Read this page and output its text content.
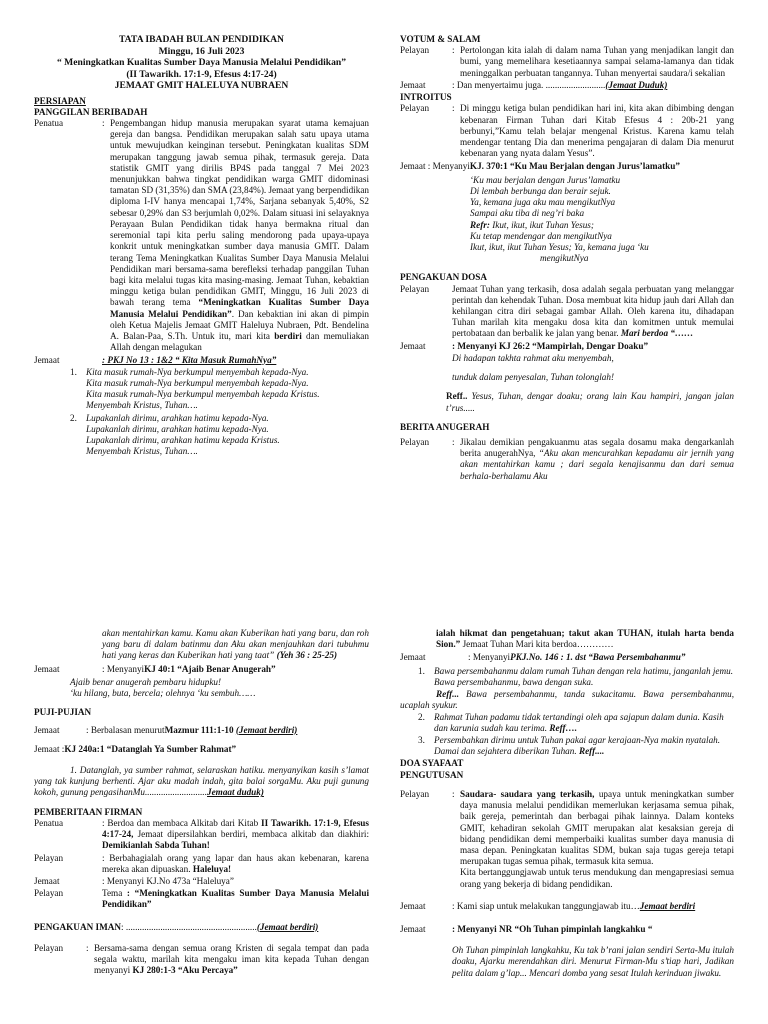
TATA IBADAH BULAN PENDIDIKAN
Minggu, 16 Juli 2023
“ Meningkatkan Kualitas Sumber Daya Manusia Melalui Pendidikan”
(II Tawarikh. 17:1-9, Efesus 4:17-24)
JEMAAT GMIT HALELUYA NUBRAEN
PERSIAPAN
PANGGILAN BERIBADAH
Penatua	: Pengembangan hidup manusia merupakan syarat utama kemajuan gereja dan bangsa. Pendidikan merupakan salah satu upaya utama untuk mewujudkan keinginan tersebut. Peningkatan kualitas SDM merupakan tanggung jawab semua pihak, termasuk gereja. Data statistik GMIT yang dirilis BP4S pada tanggal 7 Mei 2023 menunjukkan bahwa tingkat pendidikan warga GMIT didominasi tamatan SD (31,35%) dan SMA (23,84%). Jemaat yang berpendidikan diploma I-IV hanya mencapai 1,74%, Sarjana sebanyak 5,40%, S2 sebesar 0,29% dan S3 berjumlah 0,02%. Dalam situasi ini selayaknya Perayaan Bulan Pendidikan tidak hanya bermakna ritual dan seremonial tapi kita perlu saling mendorong pada upaya-upaya konkrit untuk meningkatkan sumber daya manusia GMIT. Dalam terang Tema Meningkatkan Kualitas Sumber Daya Manusia Melalui Pendidikan mari bersama-sama berefleksi terhadap panggilan Tuhan bagi kita melalui tugas kita masing-masing. Jemaat Tuhan, kebaktian minggu ketiga bulan pendidikan GMIT, Minggu, 16 Juli 2023 di bawah terang tema “Meningkatkan Kualitas Sumber Daya Manusia Melalui Pendidikan”. Dan kebaktian ini akan di pimpin oleh Ketua Majelis Jemaat GMIT Haleluya Nubraen, Pdt. Bendelina A. Balan-Paa, S.Th. Untuk itu, mari kita berdiri dan memuliakan Allah dengan melagukan
Jemaat	: PKJ No 13 : 1&2 “ Kita Masuk RumahNya”
1. Kita masuk rumah-Nya berkumpul menyembah kepada-Nya.
Kita masuk rumah-Nya berkumpul menyembah kepada-Nya.
Kita masuk rumah-Nya berkumpul menyembah kepada Kristus.
Menyembah Kristus, Tuhan….
2. Lupakanlah dirimu, arahkan hatimu kepada-Nya.
Lupakanlah dirimu, arahkan hatimu kepada-Nya.
Lupakanlah dirimu, arahkan hatimu kepada Kristus.
Menyembah Kristus, Tuhan….
VOTUM & SALAM
Pelayan	: Pertolongan kita ialah di dalam nama Tuhan yang menjadikan langit dan bumi, yang memelihara kesetiaannya sampai selama-lamanya dan tidak meninggalkan perbuatan tangannya. Tuhan menyertai saudara/i sekalian
Jemaat	: Dan menyertaimu juga. ..........................(Jemaat Duduk)
INTROITUS
Pelayan	: Di minggu ketiga bulan pendidikan hari ini, kita akan dibimbing dengan kebenaran Firman Tuhan dari Kitab Efesus 4 : 20b-21 yang berbunyi,”Kamu telah belajar mengenal Kristus. Karena kamu telah mendengar tentang Dia dan menerima pengajaran di dalam Dia menurut kebenaran yang nyata dalam Yesus”.
Jemaat : Menyanyi KJ. 370:1 “Ku Mau Berjalan dengan Jurus’lamatku”

‘Ku mau berjalan dengan Jurus’lamatku

Di lembah berbunga dan berair sejuk.

Ya, kemana juga aku mau mengikutNya

Sampai aku tiba di neg’ri baka

Refr: Ikut, ikut, ikut Tuhan Yesus;

Ku tetap mendengar dan mengikutNya

Ikut, ikut, ikut Tuhan Yesus; Ya, kemana juga ‘ku

mengikutNya

PENGAKUAN DOSA
Pelayan	Jemaat Tuhan yang terkasih, dosa adalah segala perbuatan yang melanggar perintah dan kehendak Tuhan. Dosa membuat kita hidup jauh dari Allah dan kehilangan citra diri sebagai gambar Allah. Oleh karena itu, dihadapan Tuhan marilah kita mengaku dosa kita dan komitmen untuk memulai pertobataan dan berbalik ke jalan yang benar. Mari berdoa “……
Jemaat	: Menyanyi KJ 26:2 “Mampirlah, Dengar Doaku”
Di hadapan takhta rahmat aku menyembah,
tunduk dalam penyesalan, Tuhan tolonglah!
Reff.. Yesus, Tuhan, dengar doaku; orang lain Kau hampiri, jangan jalan t’rus.....
BERITA ANUGERAH
Pelayan	: Jikalau demikian pengakuanmu atas segala dosamu maka dengarkanlah berita anugerahNya, “Aku akan mencurahkan kepadamu air jernih yang akan mentahirkan kamu ; dari segala kenajisanmu dan dari semua berhala-berhalamu Aku
akan mentahirkan kamu. Kamu akan Kuberikan hati yang baru, dan roh yang baru di dalam batinmu dan Aku akan menjauhkan dari tubuhmu hati yang keras dan Kuberikan hati yang taat” (Yeh 36 : 25-25)
Jemaat	: Menyanyi KJ 40:1 “Ajaib Benar Anugerah”
Ajaib benar anugerah pembaru hidupku!
‘ku hilang, buta, bercela; olehnya ‘ku sembuh……
PUJI-PUJIAN
Jemaat	: Berbalasan menurut Mazmur 111:1-10
(Jemaat berdiri)
Jemaat : KJ 240a:1 “Datanglah Ya Sumber Rahmat”
1. Datanglah, ya sumber rahmat, selaraskan hatiku. menyanyikan kasih s’lamat yang tak kunjung berhenti. Ajar aku madah indah, gita balai sorgaMu. Aku puji gunung kokoh, gunung pengasihanMu...........................Jemaat duduk)
PEMBERITAAN FIRMAN
Penatua	: Berdoa dan membaca Alkitab dari Kitab II Tawarikh. 17:1-9, Efesus 4:17-24, Jemaat dipersilahkan berdiri, membaca alkitab dan diakhiri: Demikianlah Sabda Tuhan!
Pelayan	: Berbahagialah orang yang lapar dan haus akan kebenaran, karena mereka akan dipuaskan. Haleluya!
Jemaat	: Menyanyi KJ.No 473a “Haleluya”
Pelayan	Tema : “Meningkatkan Kualitas Sumber Daya Manusia Melalui Pendidikan”
PENGAKUAN IMAN : ......................................................... (Jemaat berdiri)
Pelayan	: Bersama-sama dengan semua orang Kristen di segala tempat dan pada segala waktu, marilah kita mengaku iman kita kepada Tuhan dengan menyanyi KJ 280:1-3 “Aku Percaya”
ialah hikmat dan pengetahuan; takut akan TUHAN, itulah harta benda Sion.” Jemaat Tuhan Mari kita berdoa…………
Jemaat	: Menyanyi PKJ.No. 146 : 1. dst “Bawa Persembahanmu”
1. Bawa persembahanmu dalam rumah Tuhan dengan rela hatimu, janganlah jemu. Bawa persembahanmu, bawa dengan suka.
Reff... Bawa persembahanmu, tanda sukacitamu. Bawa persembahanmu, ucaplah syukur.
2. Rahmat Tuhan padamu tidak tertandingi oleh apa sajapun dalam dunia. Kasih dan karunia sudah kau terima. Reff….
3. Persembahkan dirimu untuk Tuhan pakai agar kerajaan-Nya makin nyatalah. Damai dan sejahtera diberikan Tuhan. Reff....
DOA SYAFAAT
PENGUTUSAN
Pelayan	: Saudara- saudara yang terkasih, upaya untuk meningkatkan sumber daya manusia melalui pendidikan memerlukan kerjasama semua pihak, baik gereja, pemerintah dan berbagai pihak lainnya. Dalam konteks GMIT, kehadiran sekolah GMIT merupakan alat kesaksian gereja di bidang pendidikan demi memperbaiki kualitas sumber daya manusia di masa depan. Peningkatan kualitas SDM, bukan saja tugas gereja tetapi merupakan tugas semua pihak, termasuk kita semua.
Kita bertanggungjawab untuk terus mendukung dan mengapresiasi semua orang yang bekerja di bidang pendidikan.
Jemaat	: Kami siap untuk melakukan tanggungjawab itu… Jemaat berdiri
Jemaat	: Menyanyi NR “Oh Tuhan pimpinlah langkahku “
Oh Tuhan pimpinlah langkahku, Ku tak b’rani jalan sendiri Serta-Mu itulah doaku, Ajarku merendahkan diri. Menurut Firman-Mu s’tiap hari, Jadikan pelita dalam g’lap... Mencari domba yang sesat Itulah kerinduan jiwaku.
